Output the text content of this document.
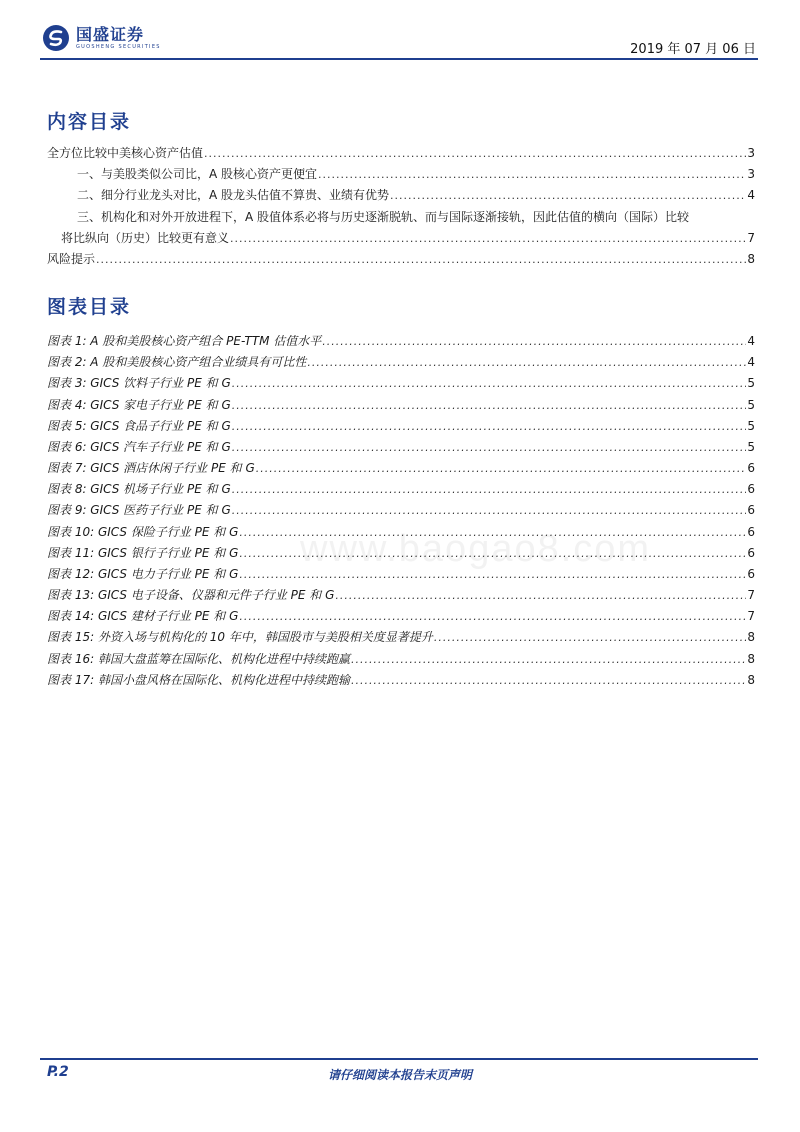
国盛证券
GUOSHENG SECURITIES	2019 年 07 月 06 日
内容目录
全方位比较中美核心资产估值 .....	3
一、与美股类似公司比，A 股核心资产更便宜 .....	3
二、细分行业龙头对比，A 股龙头估值不算贵、业绩有优势 .....	4
三、机构化和对外开放进程下，A 股值体系必将与历史逐渐脱轨、而与国际逐渐接轨，因此估值的横向（国际）比较
将比纵向（历史）比较更有意义 .....	7
风险提示 .....	8
图表目录
图表 1: A 股和美股核心资产组合 PE-TTM 估值水平 .....	4
图表 2: A 股和美股核心资产组合业绩具有可比性 .....	4
图表 3: GICS 饮料子行业 PE 和 G .....	5
图表 4: GICS 家电子行业 PE 和 G .....	5
图表 5: GICS 食品子行业 PE 和 G .....	5
图表 6: GICS 汽车子行业 PE 和 G .....	5
图表 7: GICS 酒店休闲子行业 PE 和 G .....	6
图表 8: GICS 机场子行业 PE 和 G .....	6
图表 9: GICS 医药子行业 PE 和 G .....	6
图表 10: GICS 保险子行业 PE 和 G .....	6
图表 11: GICS 银行子行业 PE 和 G .....	6
图表 12: GICS 电力子行业 PE 和 G .....	6
图表 13: GICS 电子设备、仪器和元件子行业 PE 和 G .....	7
图表 14: GICS 建材子行业 PE 和 G .....	7
图表 15: 外资入场与机构化的 10 年中，韩国股市与美股相关度显著提升 .....	8
图表 16: 韩国大盘蓝筹在国际化、机构化进程中持续跑赢 .....	8
图表 17: 韩国小盘风格在国际化、机构化进程中持续跑输 .....	8
www.baogao8.com
P.2	请仔细阅读本报告末页声明
